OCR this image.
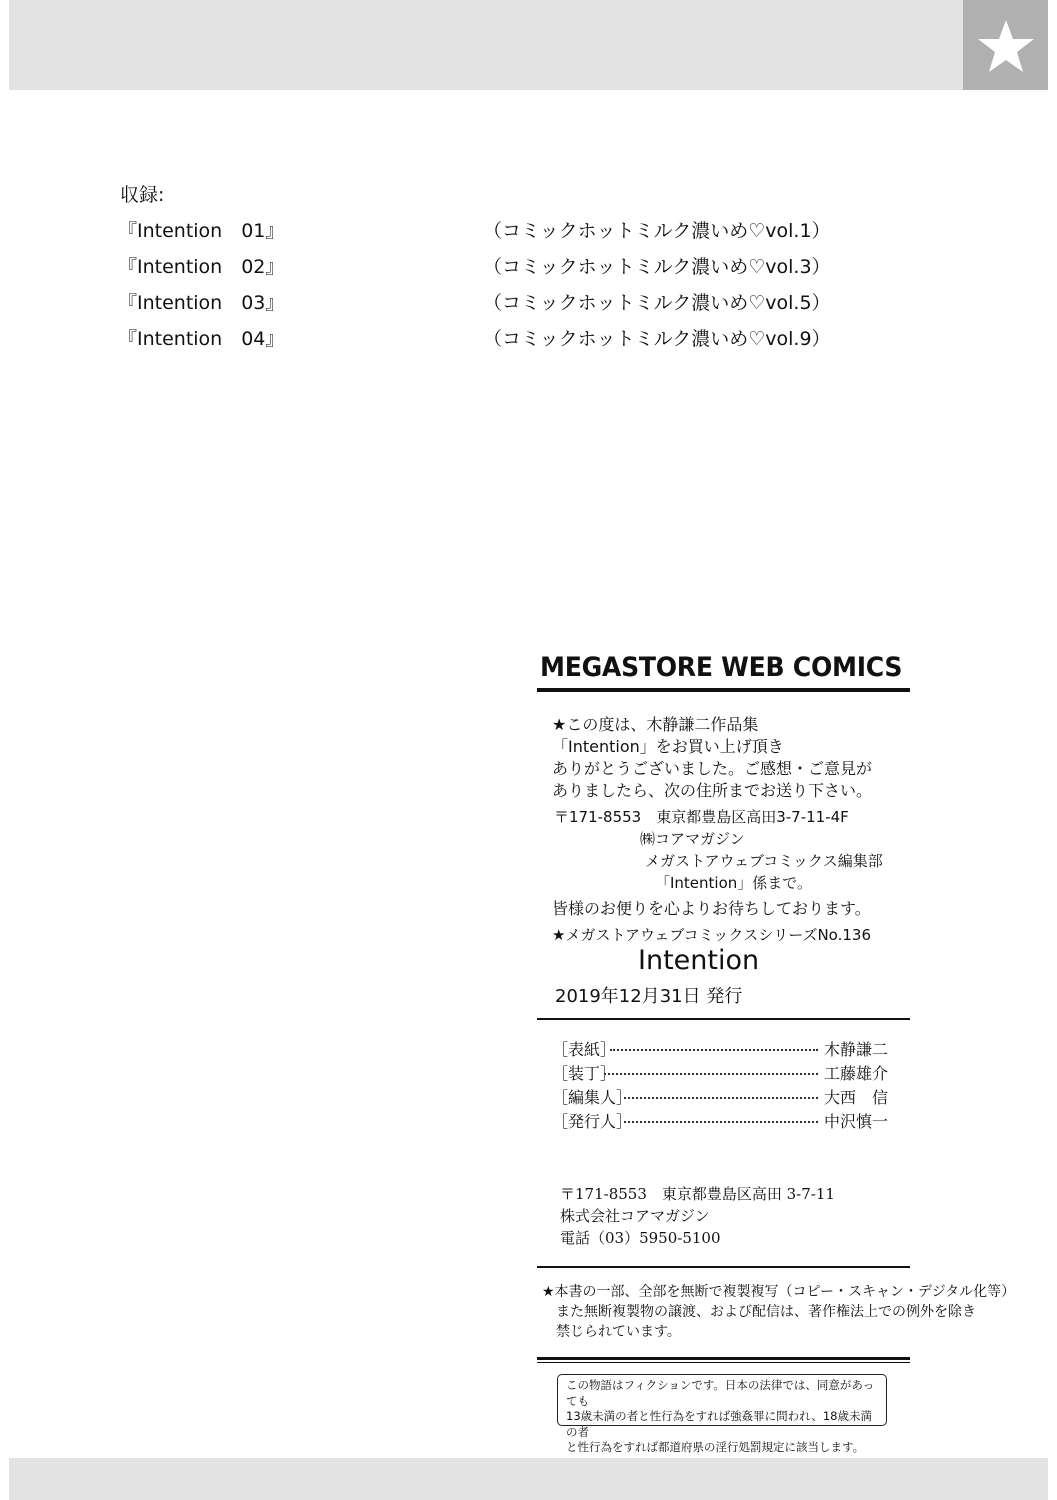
収録:
『Intention　01』	（コミックホットミルク濃いめ♡vol.1）
『Intention　02』	（コミックホットミルク濃いめ♡vol.3）
『Intention　03』	（コミックホットミルク濃いめ♡vol.5）
『Intention　04』	（コミックホットミルク濃いめ♡vol.9）
MEGASTORE WEB COMICS
★この度は、木静謙二作品集
「Intention」をお買い上げ頂き
ありがとうございました。ご感想・ご意見が
ありましたら、次の住所までお送り下さい。
〒171-8553　東京都豊島区高田3-7-11-4F
㈱コアマガジン
メガストアウェブコミックス編集部
「Intention」係まで。
皆様のお便りを心よりお待ちしております。
★メガストアウェブコミックスシリーズNo.136
Intention
2019年12月31日 発行
［表紙］	木静謙二
［装丁］	工藤雄介
［編集人］	大西　信
［発行人］	中沢慎一
〒171-8553　東京都豊島区高田 3-7-11
株式会社コアマガジン
電話（03）5950-5100
★本書の一部、全部を無断で複製複写（コピー・スキャン・デジタル化等）
また無断複製物の譲渡、および配信は、著作権法上での例外を除き
禁じられています。
この物語はフィクションです。日本の法律では、同意があっても
13歳未満の者と性行為をすれば強姦罪に問われ、18歳未満の者
と性行為をすれば都道府県の淫行処罰規定に該当します。
